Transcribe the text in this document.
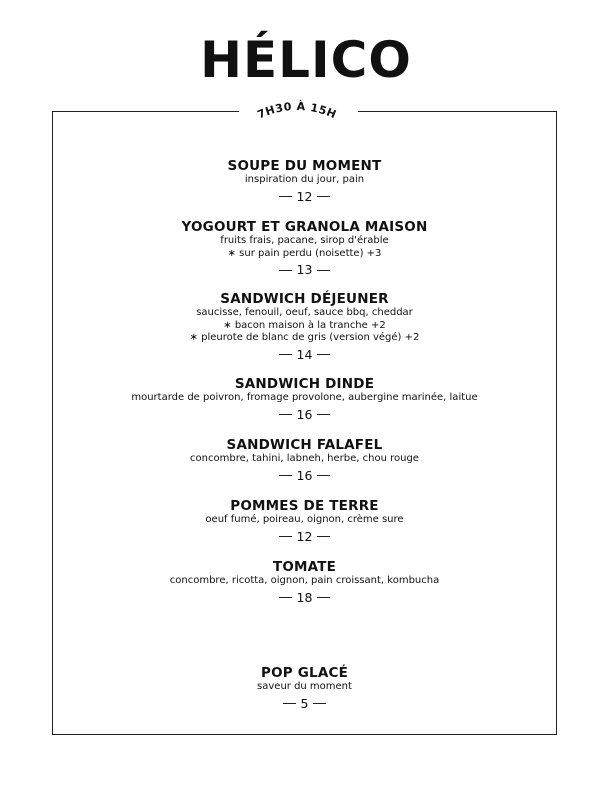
HÉLICO
7H30 À 15H
SOUPE DU MOMENT
inspiration du jour, pain
12
YOGOURT ET GRANOLA MAISON
fruits frais, pacane, sirop d'érable
∗ sur pain perdu (noisette) +3
13
SANDWICH DÉJEUNER
saucisse, fenouil, oeuf, sauce bbq, cheddar
∗ bacon maison à la tranche +2
∗ pleurote de blanc de gris (version végé) +2
14
SANDWICH DINDE
mourtarde de poivron, fromage provolone, aubergine marinée, laitue
16
SANDWICH FALAFEL
concombre, tahini, labneh, herbe, chou rouge
16
POMMES DE TERRE
oeuf fumé, poireau, oignon, crème sure
12
TOMATE
concombre, ricotta, oignon, pain croissant, kombucha
18
POP GLACÉ
saveur du moment
5
